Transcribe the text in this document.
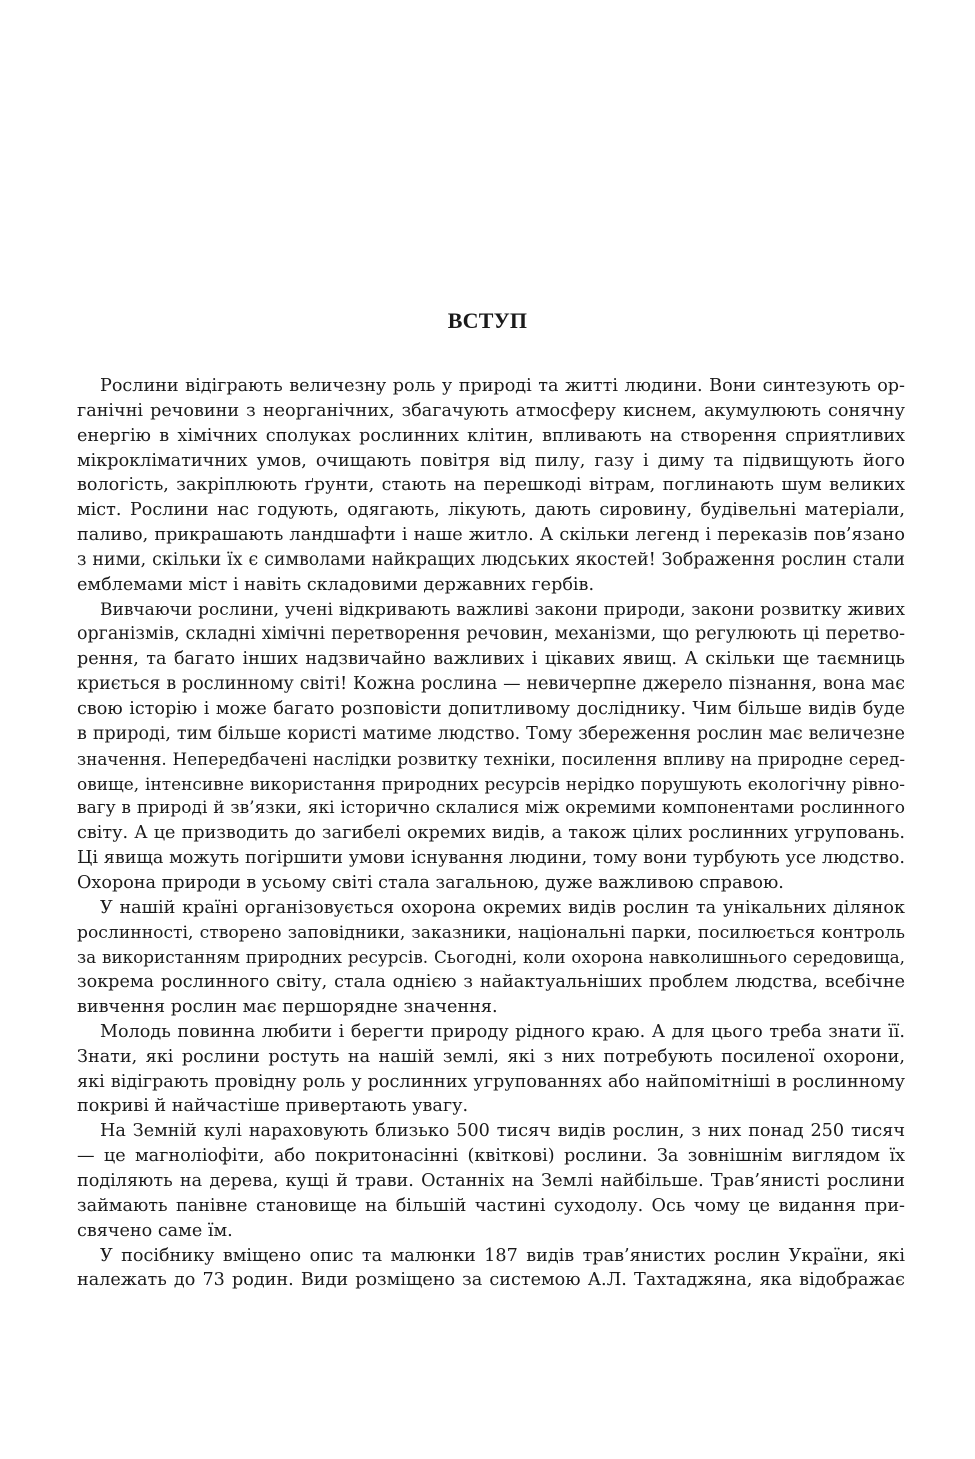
ВСТУП
Рослини відіграють величезну роль у природі та житті людини. Вони синтезують ор-
ганічні речовини з неорганічних, збагачують атмосферу киснем, акумулюють сонячну
енергію в хімічних сполуках рослинних клітин, впливають на створення сприятливих
мікрокліматичних умов, очищають повітря від пилу, газу і диму та підвищують його
вологість, закріплюють ґрунти, стають на перешкоді вітрам, поглинають шум великих
міст. Рослини нас годують, одягають, лікують, дають сировину, будівельні матеріали,
паливо, прикрашають ландшафти і наше житло. А скільки легенд і переказів пов’язано
з ними, скільки їх є символами найкращих людських якостей! Зображення рослин стали
емблемами міст і навіть складовими державних гербів.
Вивчаючи рослини, учені відкривають важливі закони природи, закони розвитку живих
організмів, складні хімічні перетворення речовин, механізми, що регулюють ці перетво-
рення, та багато інших надзвичайно важливих і цікавих явищ. А скільки ще таємниць
криється в рослинному світі! Кожна рослина — невичерпне джерело пізнання, вона має
свою історію і може багато розповісти допитливому досліднику. Чим більше видів буде
в природі, тим більше користі матиме людство. Тому збереження рослин має величезне
значення. Непередбачені наслідки розвитку техніки, посилення впливу на природне серед-
овище, інтенсивне використання природних ресурсів нерідко порушують екологічну рівно-
вагу в природі й зв’язки, які історично склалися між окремими компонентами рослинного
світу. А це призводить до загибелі окремих видів, а також цілих рослинних угруповань.
Ці явища можуть погіршити умови існування людини, тому вони турбують усе людство.
Охорона природи в усьому світі стала загальною, дуже важливою справою.
У нашій країні організовується охорона окремих видів рослин та унікальних ділянок
рослинності, створено заповідники, заказники, національні парки, посилюється контроль
за використанням природних ресурсів. Сьогодні, коли охорона навколишнього середовища,
зокрема рослинного світу, стала однією з найактуальніших проблем людства, всебічне
вивчення рослин має першорядне значення.
Молодь повинна любити і берегти природу рідного краю. А для цього треба знати її.
Знати, які рослини ростуть на нашій землі, які з них потребують посиленої охорони,
які відіграють провідну роль у рослинних угрупованнях або найпомітніші в рослинному
покриві й найчастіше привертають увагу.
На Земній кулі нараховують близько 500 тисяч видів рослин, з них понад 250 тисяч
— це магноліофіти, або покритонасінні (квіткові) рослини. За зовнішнім виглядом їх
поділяють на дерева, кущі й трави. Останніх на Землі найбільше. Трав’янисті рослини
займають панівне становище на більшій частині суходолу. Ось чому це видання при-
свячено саме їм.
У посібнику вміщено опис та малюнки 187 видів трав’янистих рослин України, які
належать до 73 родин. Види розміщено за системою А.Л. Тахтаджяна, яка відображає
